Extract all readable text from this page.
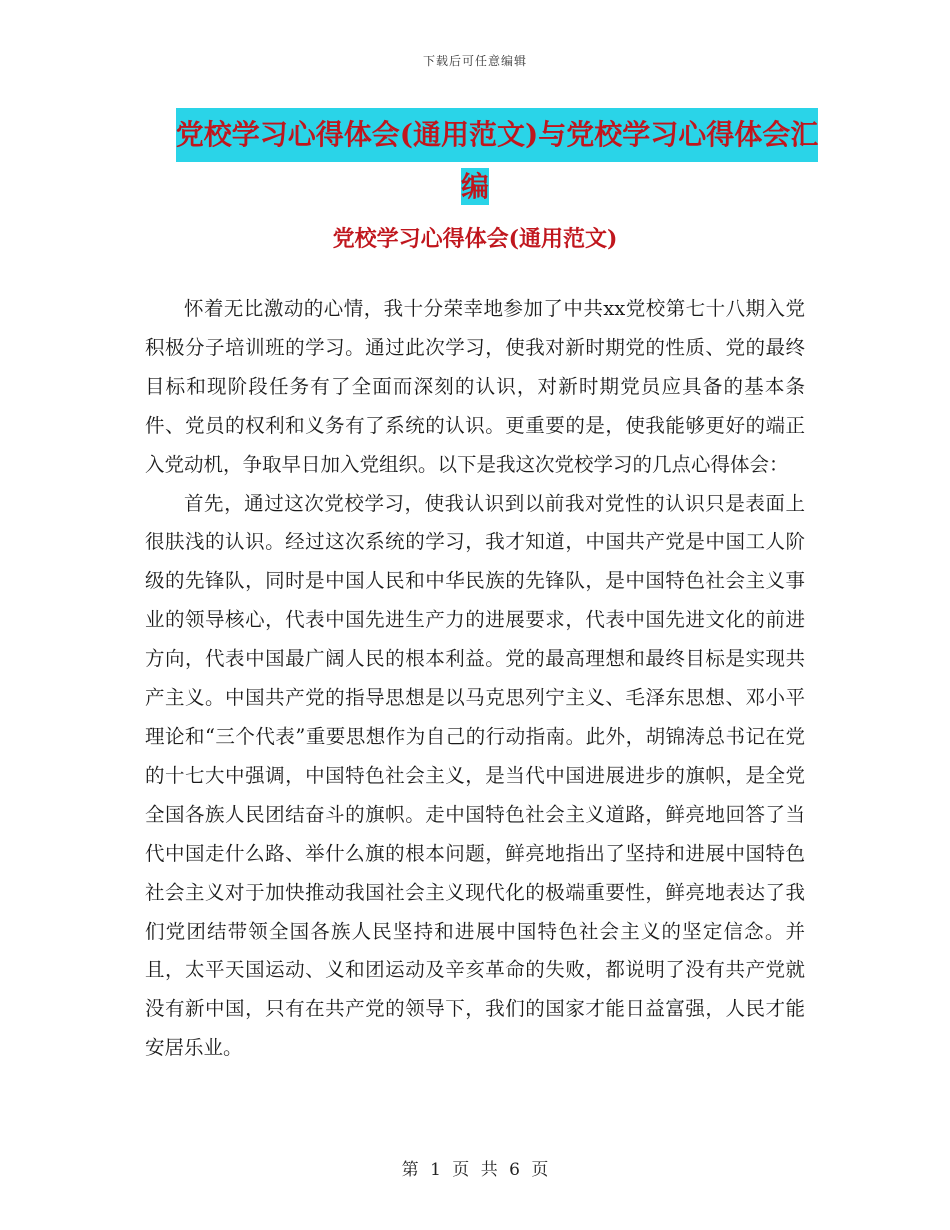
下载后可任意编辑
党校学习心得体会(通用范文)与党校学习心得体会汇
编
党校学习心得体会(通用范文)

怀着无比激动的心情，我十分荣幸地参加了中共xx党校第七十八期入党积极分子培训班的学习。通过此次学习，使我对新时期党的性质、党的最终目标和现阶段任务有了全面而深刻的认识，对新时期党员应具备的基本条件、党员的权利和义务有了系统的认识。更重要的是，使我能够更好的端正入党动机，争取早日加入党组织。以下是我这次党校学习的几点心得体会：

首先，通过这次党校学习，使我认识到以前我对党性的认识只是表面上很肤浅的认识。经过这次系统的学习，我才知道，中国共产党是中国工人阶级的先锋队，同时是中国人民和中华民族的先锋队，是中国特色社会主义事业的领导核心，代表中国先进生产力的进展要求，代表中国先进文化的前进方向，代表中国最广阔人民的根本利益。党的最高理想和最终目标是实现共产主义。中国共产党的指导思想是以马克思列宁主义、毛泽东思想、邓小平理论和“三个代表”重要思想作为自己的行动指南。此外，胡锦涛总书记在党的十七大中强调，中国特色社会主义，是当代中国进展进步的旗帜，是全党全国各族人民团结奋斗的旗帜。走中国特色社会主义道路，鲜亮地回答了当代中国走什么路、举什么旗的根本问题，鲜亮地指出了坚持和进展中国特色社会主义对于加快推动我国社会主义现代化的极端重要性，鲜亮地表达了我们党团结带领全国各族人民坚持和进展中国特色社会主义的坚定信念。并且，太平天国运动、义和团运动及辛亥革命的失败，都说明了没有共产党就没有新中国，只有在共产党的领导下，我们的国家才能日益富强，人民才能安居乐业。

第 1 页 共 6 页
